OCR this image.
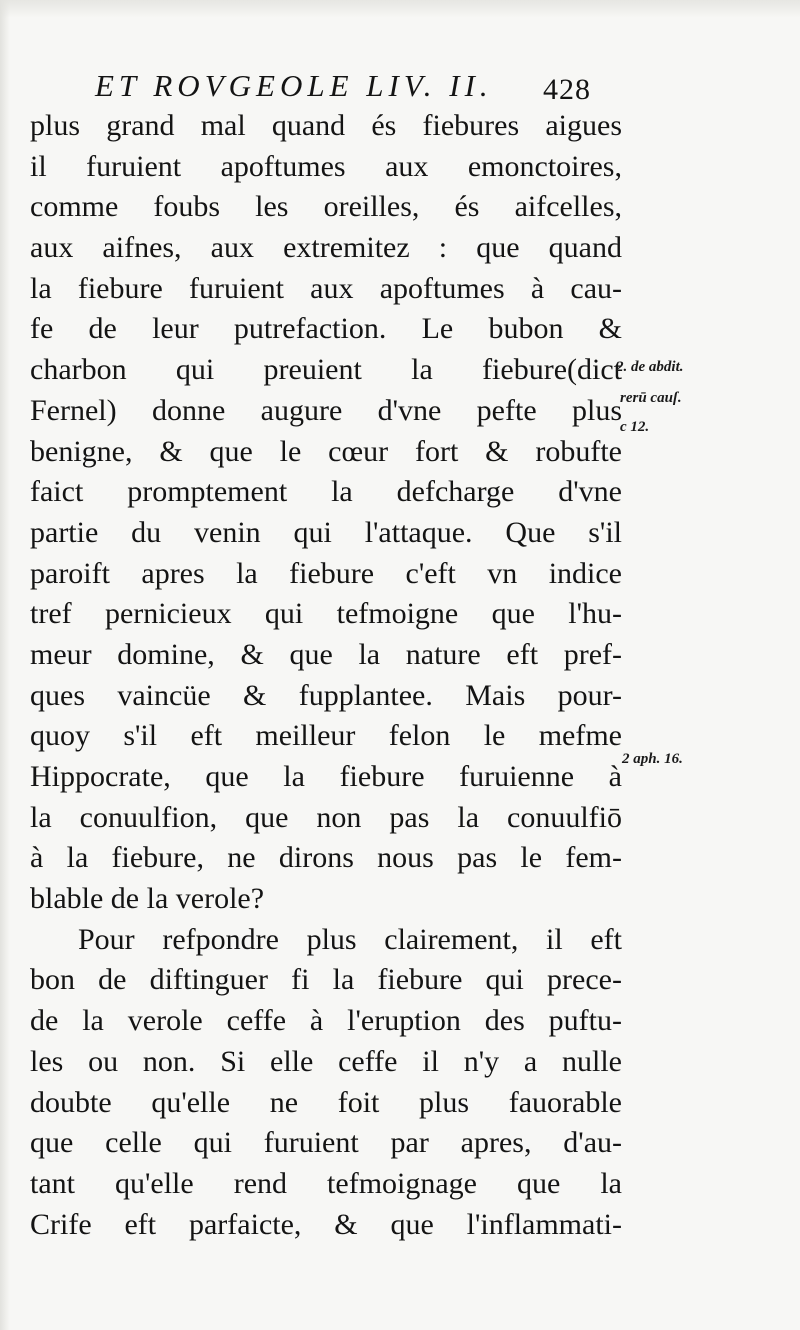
ET ROVGEOLE LIV. II.	428
plus grand mal quand és fiebures aigues
il furuient apoftumes aux emonctoires,
comme foubs les oreilles, és aifcelles,
aux aifnes, aux extremitez : que quand
la fiebure furuient aux apoftumes à cau-
fe de leur putrefaction. Le bubon &
charbon qui preuient la fiebure(dict
Fernel) donne augure d'vne pefte plus
benigne, & que le cœur fort & robufte
faict promptement la defcharge d'vne
partie du venin qui l'attaque. Que s'il
paroift apres la fiebure c'eft vn indice
tref pernicieux qui tefmoigne que l'hu-
meur domine, & que la nature eft pref-
ques vaincüe & fupplantee. Mais pour-
quoy s'il eft meilleur felon le mefme
Hippocrate, que la fiebure furuienne à
la conuulfion, que non pas la conuulfiō
à la fiebure, ne dirons nous pas le fem-
blable de la verole?
Pour refpondre plus clairement, il eft
bon de diftinguer fi la fiebure qui prece-
de la verole ceffe à l'eruption des puftu-
les ou non. Si elle ceffe il n'y a nulle
doubte qu'elle ne foit plus fauorable
que celle qui furuient par apres, d'au-
tant qu'elle rend tefmoignage que la
Crife eft parfaicte, & que l'inflammati-
2. de abdit.
rerū cauſ.
c 12.
2 aph. 16.
